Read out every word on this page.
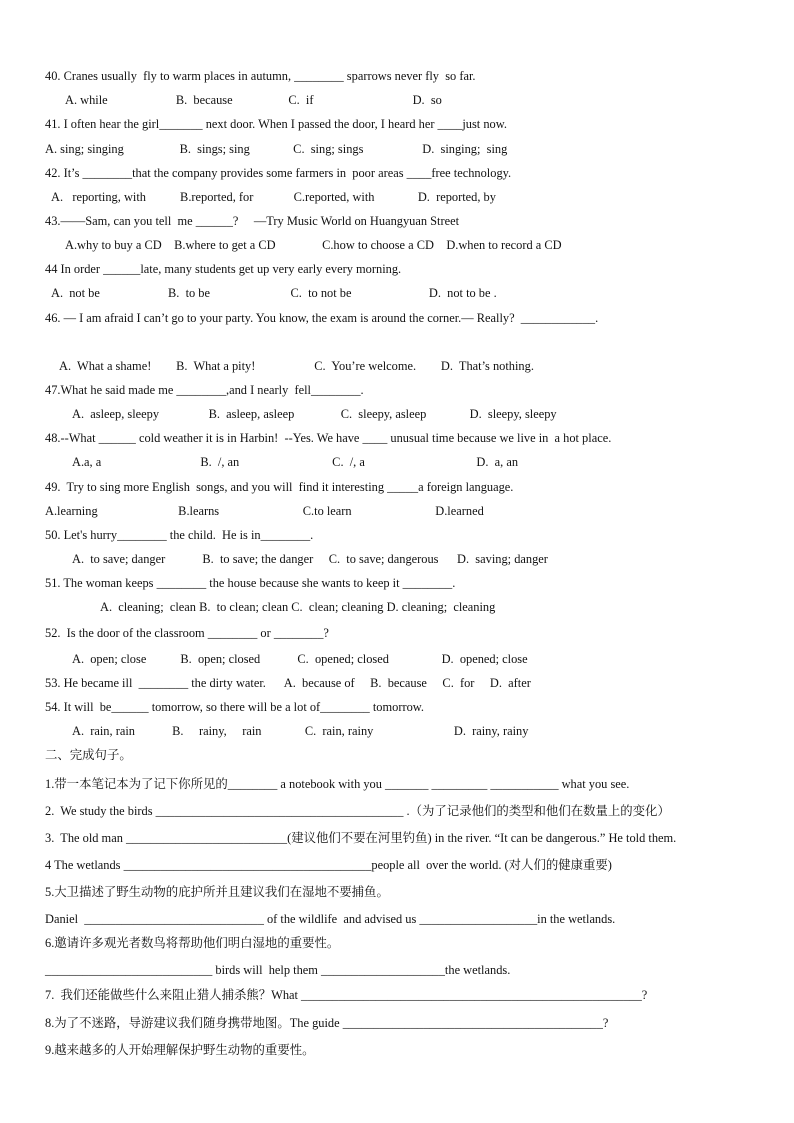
40. Cranes usually  fly to warm places in autumn, ________ sparrows never fly  so far.
A. while                      B.  because                  C.  if                                D.  so
41. I often hear the girl_______ next door. When I passed the door, I heard her ____just now.
A. sing; singing                  B.  sings; sing              C.  sing; sings                   D.  singing;  sing
42. It’s ________that the company provides some farmers in  poor areas ____free technology.
A.   reporting, with           B.reported, for             C.reported, with              D.  reported, by
43.——Sam, can you tell  me ______?     —Try Music World on Huangyuan Street
A.why to buy a CD    B.where to get a CD               C.how to choose a CD    D.when to record a CD
44 In order ______late, many students get up very early every morning.
A.  not be                      B.  to be                          C.  to not be                         D.  not to be .
46. — I am afraid I can’t go to your party. You know, the exam is around the corner.— Really?  ____________.
A.  What a shame!        B.  What a pity!                   C.  You’re welcome.        D.  That’s nothing.
47.What he said made me ________,and I nearly  fell________.
A.  asleep, sleepy                B.  asleep, asleep               C.  sleepy, asleep              D.  sleepy, sleepy
48.--What ______ cold weather it is in Harbin!  --Yes. We have ____ unusual time because we live in  a hot place.
A.a, a                                B.  /, an                              C.  /, a                                    D.  a, an
49.  Try to sing more English  songs, and you will  find it interesting _____a foreign language.
A.learning                          B.learns                           C.to learn                           D.learned
50. Let's hurry________ the child.  He is in________.
A.  to save; danger            B.  to save; the danger     C.  to save; dangerous      D.  saving; danger
51. The woman keeps ________ the house because she wants to keep it ________.
A.  cleaning;  clean B.  to clean; clean C.  clean; cleaning D. cleaning;  cleaning
52.  Is the door of the classroom ________ or ________?
A.  open; close           B.  open; closed            C.  opened; closed                 D.  opened; close
53. He became ill  ________ the dirty water.      A.  because of     B.  because     C.  for     D.  after
54. It will  be______ tomorrow, so there will be a lot of________ tomorrow.
A.  rain, rain            B.     rainy,     rain              C.  rain, rainy                          D.  rainy, rainy
二、完成句子。
1.带一本笔记本为了记下你所见的________ a notebook with you _______ _________ ___________ what you see.
2.  We study the birds ________________________________________ .（为了记录他们的类型和他们在数量上的变化）
3.  The old man __________________________(建议他们不要在河里钓鱼) in the river. “It can be dangerous.” He told them.
4 The wetlands ________________________________________people all  over the world. (对人们的健康重要)
5.大卫描述了野生动物的庇护所并且建议我们在湿地不要捕鱼。
Daniel  _____________________________ of the wildlife  and advised us ___________________in the wetlands.
6.邀请许多观光者数鸟将帮助他们明白湿地的重要性。
___________________________ birds will  help them ____________________the wetlands.
7.  我们还能做些什么来阻止猎人捕杀熊？What _______________________________________________________?
8.为了不迷路，导游建议我们随身携带地图。The guide __________________________________________?
9.越来越多的人开始理解保护野生动物的重要性。
